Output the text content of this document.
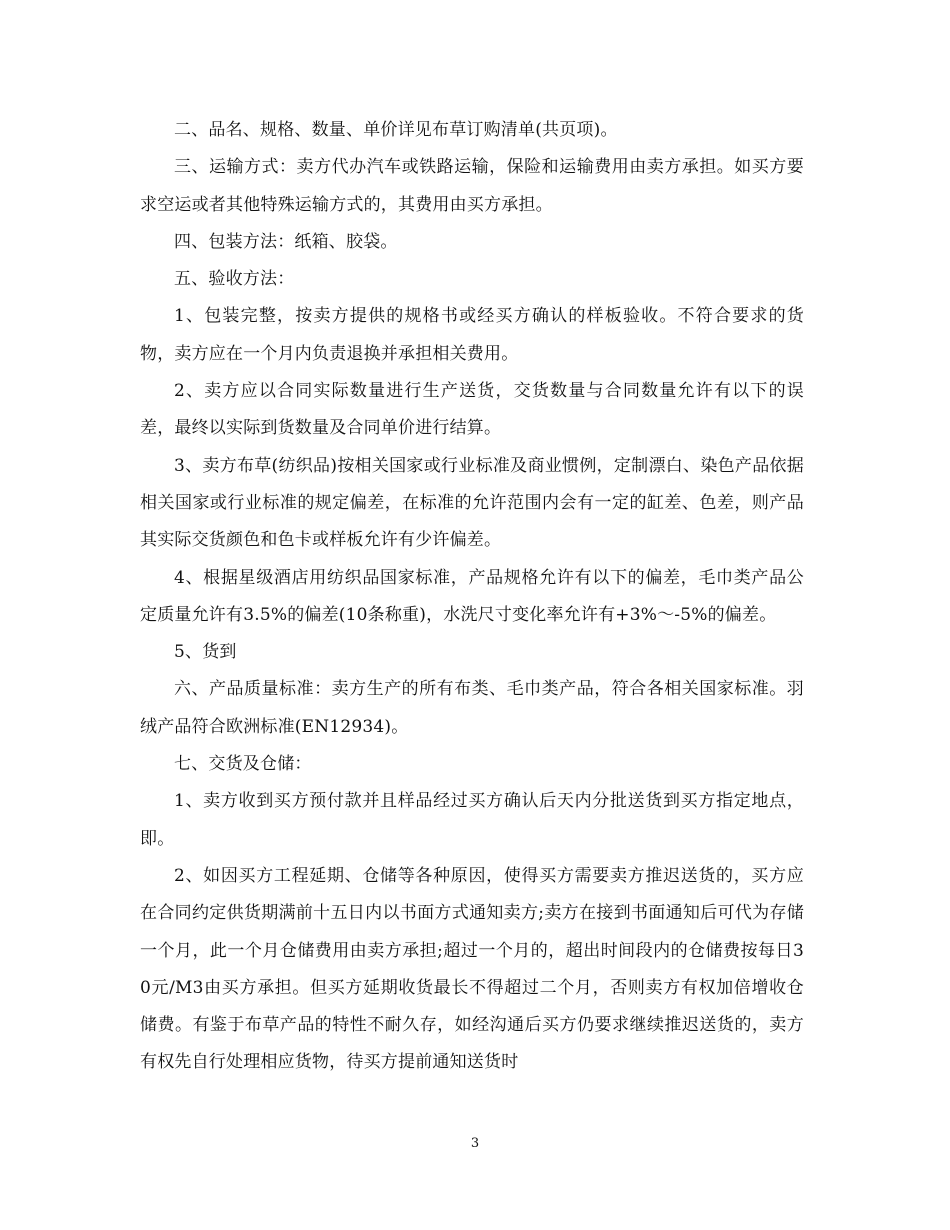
二、品名、规格、数量、单价详见布草订购清单(共页项)。

三、运输方式：卖方代办汽车或铁路运输，保险和运输费用由卖方承担。如买方要求空运或者其他特殊运输方式的，其费用由买方承担。

四、包装方法：纸箱、胶袋。

五、验收方法：

1、包装完整，按卖方提供的规格书或经买方确认的样板验收。不符合要求的货物，卖方应在一个月内负责退换并承担相关费用。

2、卖方应以合同实际数量进行生产送货，交货数量与合同数量允许有以下的误差，最终以实际到货数量及合同单价进行结算。

3、卖方布草(纺织品)按相关国家或行业标准及商业惯例，定制漂白、染色产品依据相关国家或行业标准的规定偏差，在标准的允许范围内会有一定的缸差、色差，则产品其实际交货颜色和色卡或样板允许有少许偏差。

4、根据星级酒店用纺织品国家标准，产品规格允许有以下的偏差，毛巾类产品公定质量允许有3.5%的偏差(10条称重)，水洗尺寸变化率允许有+3%～-5%的偏差。

5、货到

六、产品质量标准：卖方生产的所有布类、毛巾类产品，符合各相关国家标准。羽绒产品符合欧洲标准(EN12934)。

七、交货及仓储：

1、卖方收到买方预付款并且样品经过买方确认后天内分批送货到买方指定地点，即。

2、如因买方工程延期、仓储等各种原因，使得买方需要卖方推迟送货的，买方应在合同约定供货期满前十五日内以书面方式通知卖方;卖方在接到书面通知后可代为存储一个月，此一个月仓储费用由卖方承担;超过一个月的，超出时间段内的仓储费按每日30元/M3由买方承担。但买方延期收货最长不得超过二个月，否则卖方有权加倍增收仓储费。有鉴于布草产品的特性不耐久存，如经沟通后买方仍要求继续推迟送货的，卖方有权先自行处理相应货物，待买方提前通知送货时

3
